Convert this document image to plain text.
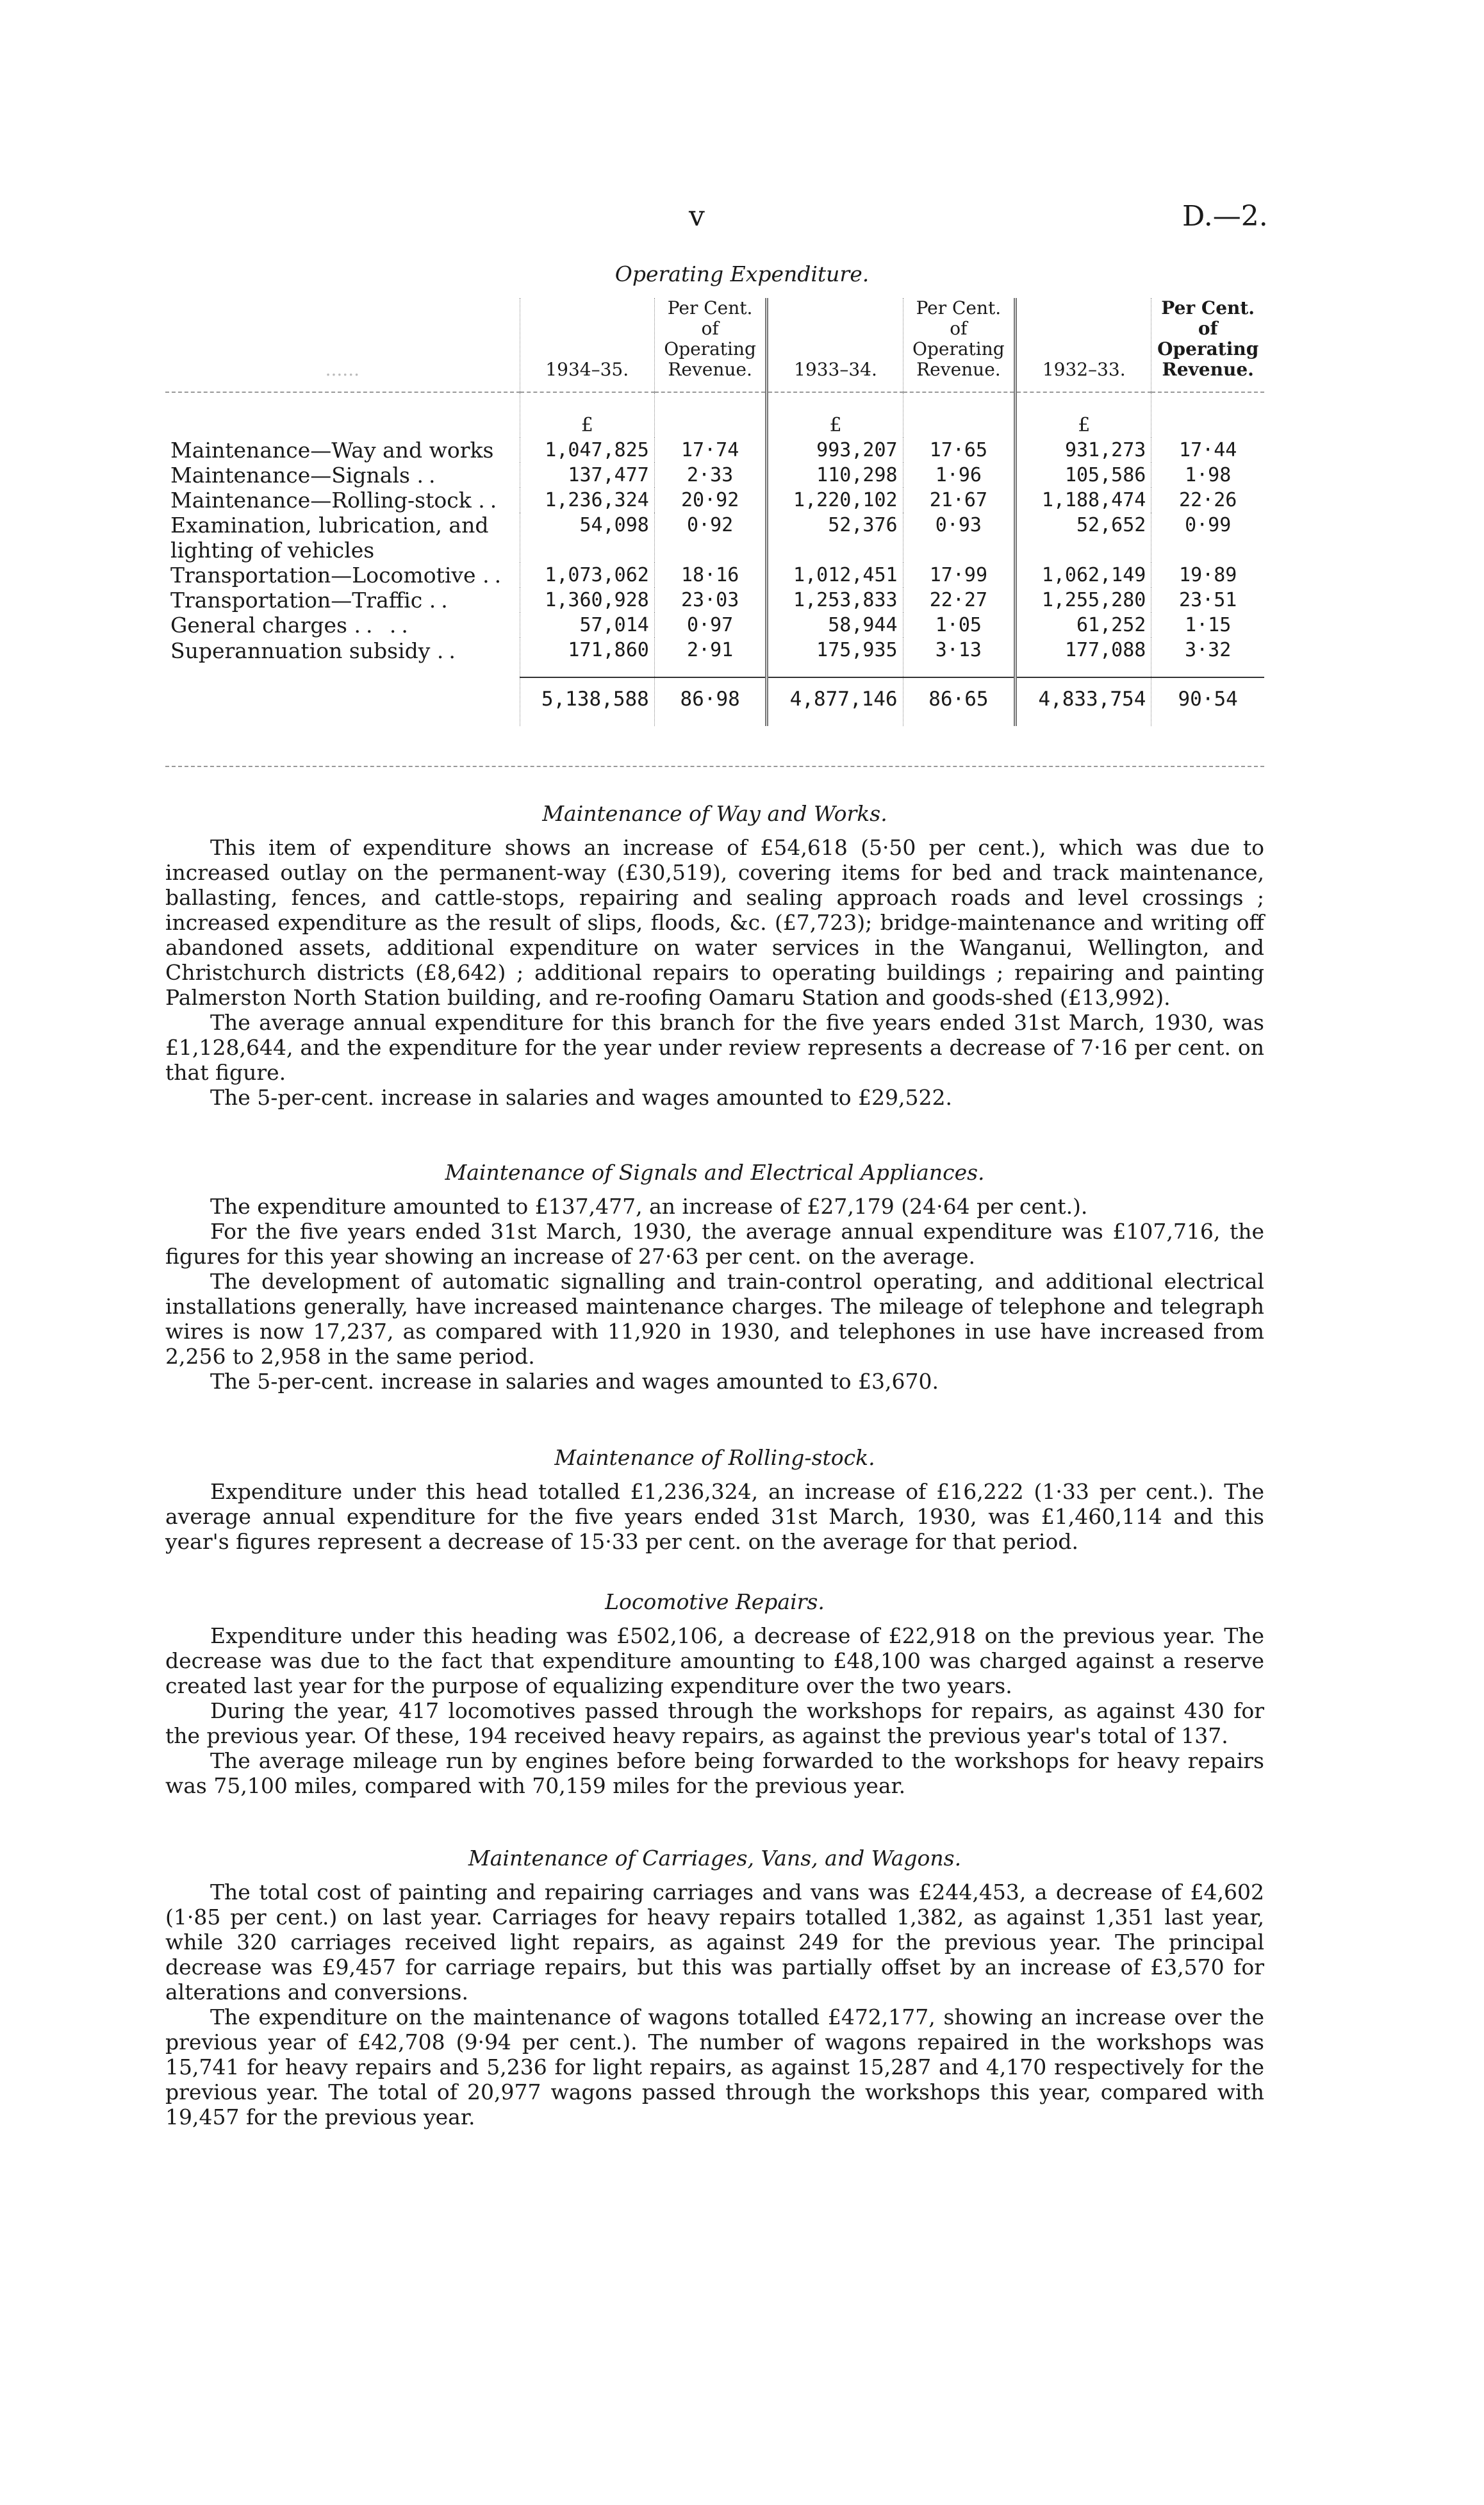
v	D.—2.
Operating Expenditure.
......	1934–35.	Per Cent. of Operating Revenue.	1933–34.	Per Cent. of Operating Revenue.	1932–33.	Per Cent. of Operating Revenue.
	£		£		£	
Maintenance—Way and works	1,047,825	17·74	993,207	17·65	931,273	17·44
Maintenance—Signals ..	137,477	2·33	110,298	1·96	105,586	1·98
Maintenance—Rolling-stock ..	1,236,324	20·92	1,220,102	21·67	1,188,474	22·26
Examination, lubrication, and lighting of vehicles	54,098	0·92	52,376	0·93	52,652	0·99
Transportation—Locomotive ..	1,073,062	18·16	1,012,451	17·99	1,062,149	19·89
Transportation—Traffic ..	1,360,928	23·03	1,253,833	22·27	1,255,280	23·51
General charges .. ..	57,014	0·97	58,944	1·05	61,252	1·15
Superannuation subsidy ..	171,860	2·91	175,935	3·13	177,088	3·32
	5,138,588	86·98	4,877,146	86·65	4,833,754	90·54
Maintenance of Way and Works.

This item of expenditure shows an increase of £54,618 (5·50 per cent.), which was due to increased outlay on the permanent-way (£30,519), covering items for bed and track maintenance, ballasting, fences, and cattle-stops, repairing and sealing approach roads and level crossings ; increased expenditure as the result of slips, floods, &c. (£7,723); bridge-maintenance and writing off abandoned assets, additional expenditure on water services in the Wanganui, Wellington, and Christchurch districts (£8,642) ; additional repairs to operating buildings ; repairing and painting Palmerston North Station building, and re-roofing Oamaru Station and goods-shed (£13,992).

The average annual expenditure for this branch for the five years ended 31st March, 1930, was £1,128,644, and the expenditure for the year under review represents a decrease of 7·16 per cent. on that figure.

The 5-per-cent. increase in salaries and wages amounted to £29,522.

Maintenance of Signals and Electrical Appliances.

The expenditure amounted to £137,477, an increase of £27,179 (24·64 per cent.).

For the five years ended 31st March, 1930, the average annual expenditure was £107,716, the figures for this year showing an increase of 27·63 per cent. on the average.

The development of automatic signalling and train-control operating, and additional electrical installations generally, have increased maintenance charges. The mileage of telephone and telegraph wires is now 17,237, as compared with 11,920 in 1930, and telephones in use have increased from 2,256 to 2,958 in the same period.

The 5-per-cent. increase in salaries and wages amounted to £3,670.

Maintenance of Rolling-stock.

Expenditure under this head totalled £1,236,324, an increase of £16,222 (1·33 per cent.). The average annual expenditure for the five years ended 31st March, 1930, was £1,460,114 and this year's figures represent a decrease of 15·33 per cent. on the average for that period.

Locomotive Repairs.

Expenditure under this heading was £502,106, a decrease of £22,918 on the previous year. The decrease was due to the fact that expenditure amounting to £48,100 was charged against a reserve created last year for the purpose of equalizing expenditure over the two years.

During the year, 417 locomotives passed through the workshops for repairs, as against 430 for the previous year. Of these, 194 received heavy repairs, as against the previous year's total of 137.

The average mileage run by engines before being forwarded to the workshops for heavy repairs was 75,100 miles, compared with 70,159 miles for the previous year.

Maintenance of Carriages, Vans, and Wagons.

The total cost of painting and repairing carriages and vans was £244,453, a decrease of £4,602 (1·85 per cent.) on last year. Carriages for heavy repairs totalled 1,382, as against 1,351 last year, while 320 carriages received light repairs, as against 249 for the previous year. The principal decrease was £9,457 for carriage repairs, but this was partially offset by an increase of £3,570 for alterations and conversions.

The expenditure on the maintenance of wagons totalled £472,177, showing an increase over the previous year of £42,708 (9·94 per cent.). The number of wagons repaired in the workshops was 15,741 for heavy repairs and 5,236 for light repairs, as against 15,287 and 4,170 respectively for the previous year. The total of 20,977 wagons passed through the workshops this year, compared with 19,457 for the previous year.
